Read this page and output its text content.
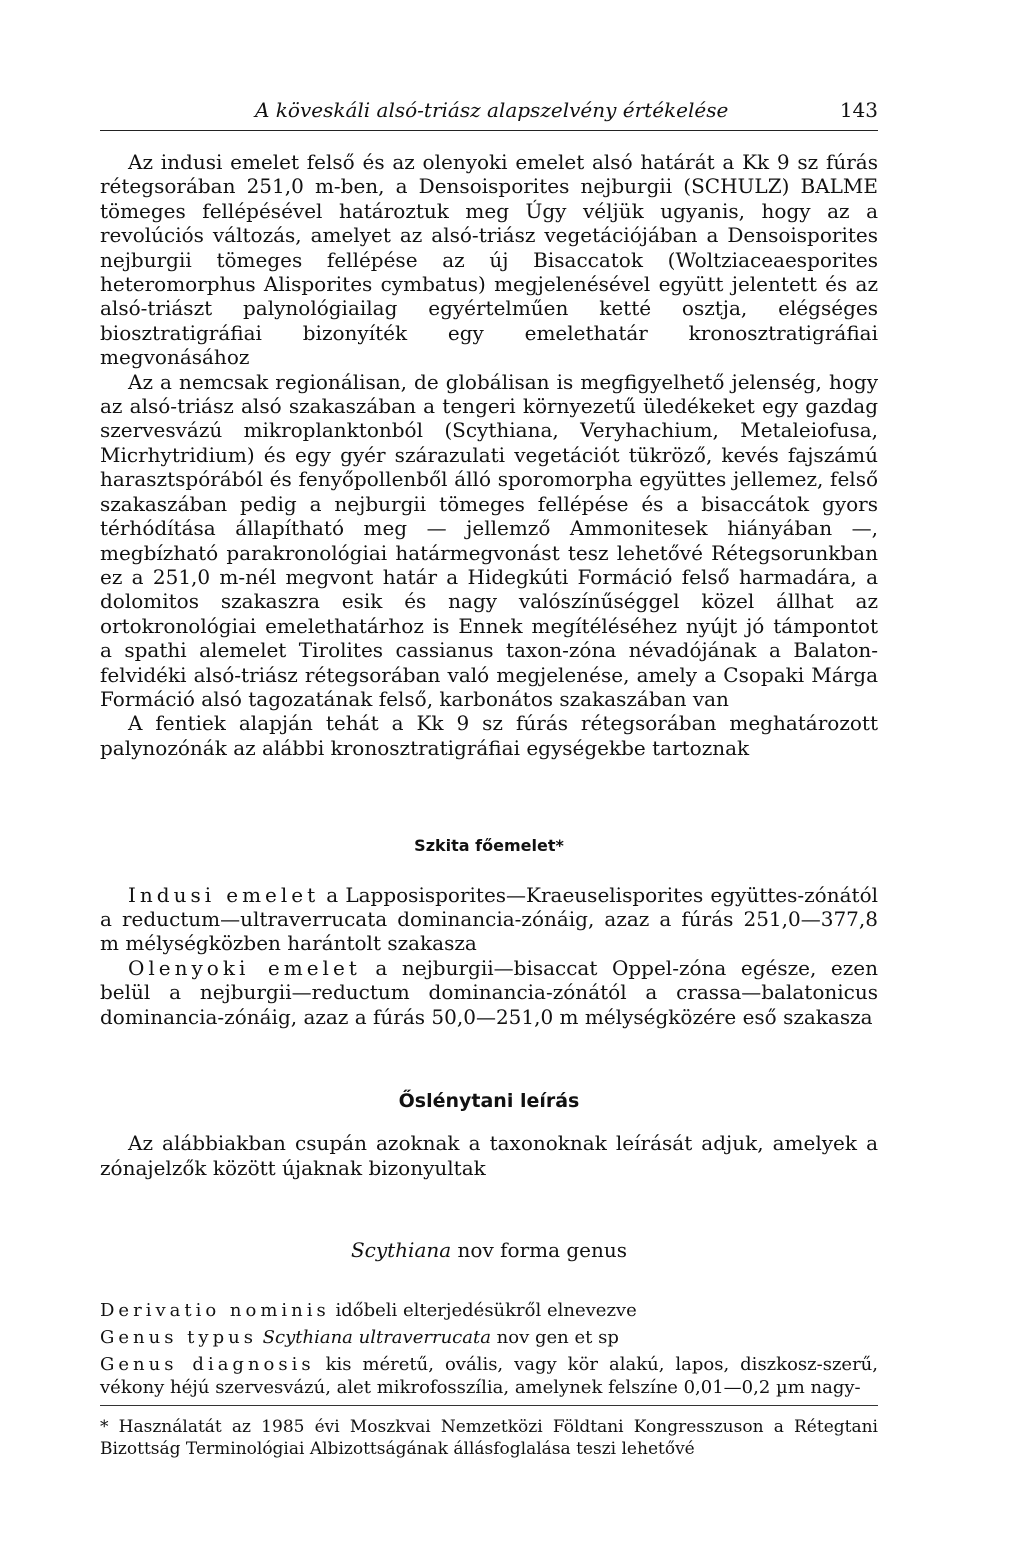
A köveskáli alsó-triász alapszelvény értékelése	143

Az indusi emelet felső és az olenyoki emelet alsó határát a Kk 9 sz fúrás rétegsorában 251,0 m-ben, a Densoisporites nejburgii (SCHULZ) BALME tömeges fellépésével határoztuk meg Úgy véljük ugyanis, hogy az a revolúciós változás, amelyet az alsó-triász vegetációjában a Densoisporites nejburgii tömeges fellépése az új Bisaccatok (Woltziaceaesporites heteromorphus Alisporites cymbatus) megjelenésével együtt jelentett és az alsó-triászt palynológiailag egyértelműen ketté osztja, elégséges biosztratigráfiai bizonyíték egy emelethatár kronosztratigráfiai megvonásához

Az a nemcsak regionálisan, de globálisan is megfigyelhető jelenség, hogy az alsó-triász alsó szakaszában a tengeri környezetű üledékeket egy gazdag szervesvázú mikroplanktonból (Scythiana, Veryhachium, Metaleiofusa, Micrhytridium) és egy gyér szárazulati vegetációt tükröző, kevés fajszámú harasztspórából és fenyőpollenből álló sporomorpha együttes jellemez, felső szakaszában pedig a nejburgii tömeges fellépése és a bisaccátok gyors térhódítása állapítható meg — jellemző Ammonitesek hiányában —, megbízható parakronológiai határmegvonást tesz lehetővé Rétegsorunkban ez a 251,0 m-nél megvont határ a Hidegkúti Formáció felső harmadára, a dolomitos szakaszra esik és nagy valószínűséggel közel állhat az ortokronológiai emelethatárhoz is Ennek megítéléséhez nyújt jó támpontot a spathi alemelet Tirolites cassianus taxon-zóna névadójának a Balaton-felvidéki alsó-triász rétegsorában való megjelenése, amely a Csopaki Márga Formáció alsó tagozatának felső, karbonátos szakaszában van

A fentiek alapján tehát a Kk 9 sz fúrás rétegsorában meghatározott palynozónák az alábbi kronosztratigráfiai egységekbe tartoznak

Szkita főemelet*

Indusi emelet a Lapposisporites—Kraeuselisporites együttes-zónától a reductum—ultraverrucata dominancia-zónáig, azaz a fúrás 251,0—377,8 m mélységközben harántolt szakasza

Olenyoki emelet a nejburgii—bisaccat Oppel-zóna egésze, ezen belül a nejburgii—reductum dominancia-zónától a crassa—balatonicus dominancia-zónáig, azaz a fúrás 50,0—251,0 m mélységközére eső szakasza

Őslénytani leírás

Az alábbiakban csupán azoknak a taxonoknak leírását adjuk, amelyek a zónajelzők között újaknak bizonyultak

Scythiana nov forma genus

Derivatio nominis időbeli elterjedésükről elnevezve

Genus typus Scythiana ultraverrucata nov gen et sp

Genus diagnosis kis méretű, ovális, vagy kör alakú, lapos, diszkosz-szerű, vékony héjú szervesvázú, alet mikrofosszília, amelynek felszíne 0,01—0,2 µm nagy-

* Használatát az 1985 évi Moszkvai Nemzetközi Földtani Kongresszuson a Rétegtani Bizottság Terminológiai Albizottságának állásfoglalása teszi lehetővé
